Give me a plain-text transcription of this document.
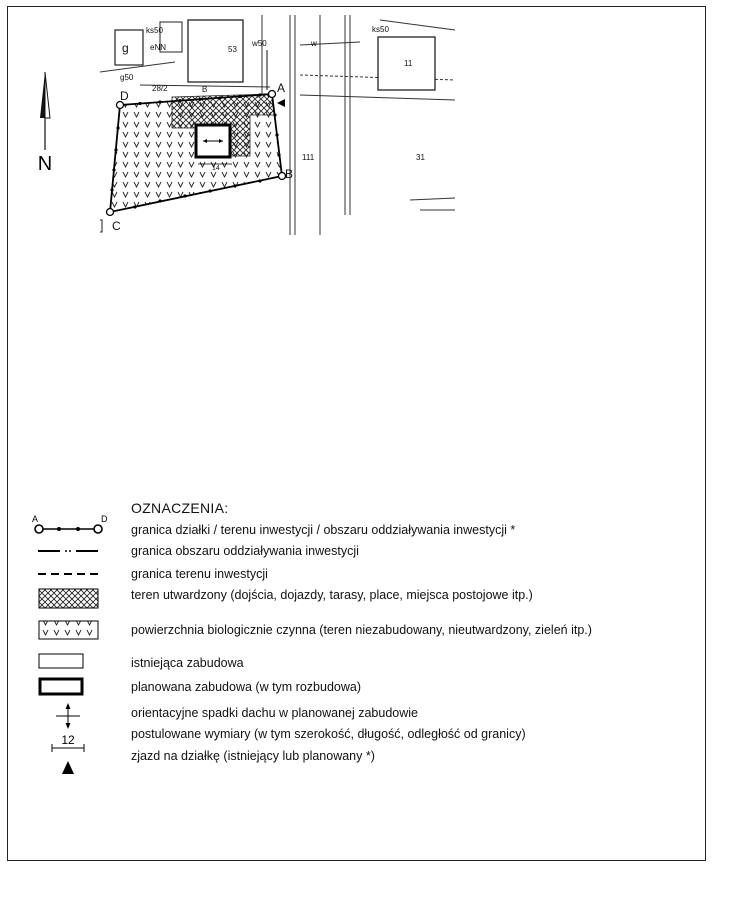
N
A
B
C
D
ks50
eNN
g50
w50
28/2	B
g	53
ks50
11
31
111
14
w
OZNACZENIA:
A	D
granica działki / terenu inwestycji / obszaru oddziaływania inwestycji *
granica obszaru oddziaływania inwestycji
granica terenu inwestycji
teren utwardzony (dojścia, dojazdy, tarasy, place, miejsca postojowe itp.)
powierzchnia biologicznie czynna (teren niezabudowany, nieutwardzony, zieleń itp.)
istniejąca zabudowa
planowana zabudowa (w tym rozbudowa)
orientacyjne spadki dachu w planowanej zabudowie
12	postulowane wymiary (w tym szerokość, długość, odległość od granicy)
zjazd na działkę (istniejący lub planowany *)
